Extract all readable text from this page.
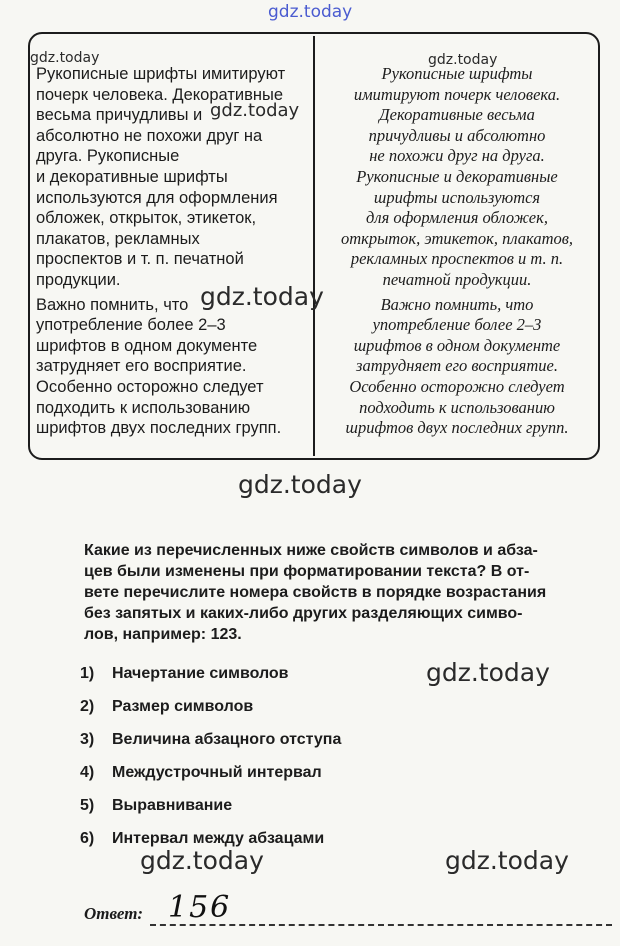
gdz.today
gdz.today	gdz.today

Рукописные шрифты имитируют
почерк человека. Декоративные
весьма причудливы и
абсолютно не похожи друг на
друга. Рукописные
и декоративные шрифты
используются для оформления
обложек, открыток, этикеток,
плакатов, рекламных
проспектов и т. п. печатной
продукции.

Важно помнить, что
употребление более 2–3
шрифтов в одном документе
затрудняет его восприятие.
Особенно осторожно следует
подходить к использованию
шрифтов двух последних групп.

Рукописные шрифты
имитируют почерк человека.
Декоративные весьма
причудливы и абсолютно
не похожи друг на друга.
Рукописные и декоративные
шрифты используются
для оформления обложек,
открыток, этикеток, плакатов,
рекламных проспектов и т. п.
печатной продукции.

Важно помнить, что
употребление более 2–3
шрифтов в одном документе
затрудняет его восприятие.
Особенно осторожно следует
подходить к использованию
шрифтов двух последних групп.

gdz.today
gdz.today
gdz.today
Какие из перечисленных ниже свойств символов и абза-
цев были изменены при форматировании текста? В от-
вете перечислите номера свойств в порядке возрастания
без запятых и каких-либо других разделяющих симво-
лов, например: 123.
1) Начертание символов
2) Размер символов
3) Величина абзацного отступа
4) Междустрочный интервал
5) Выравнивание
6) Интервал между абзацами
gdz.today
gdz.today	gdz.today
Ответ: 156
